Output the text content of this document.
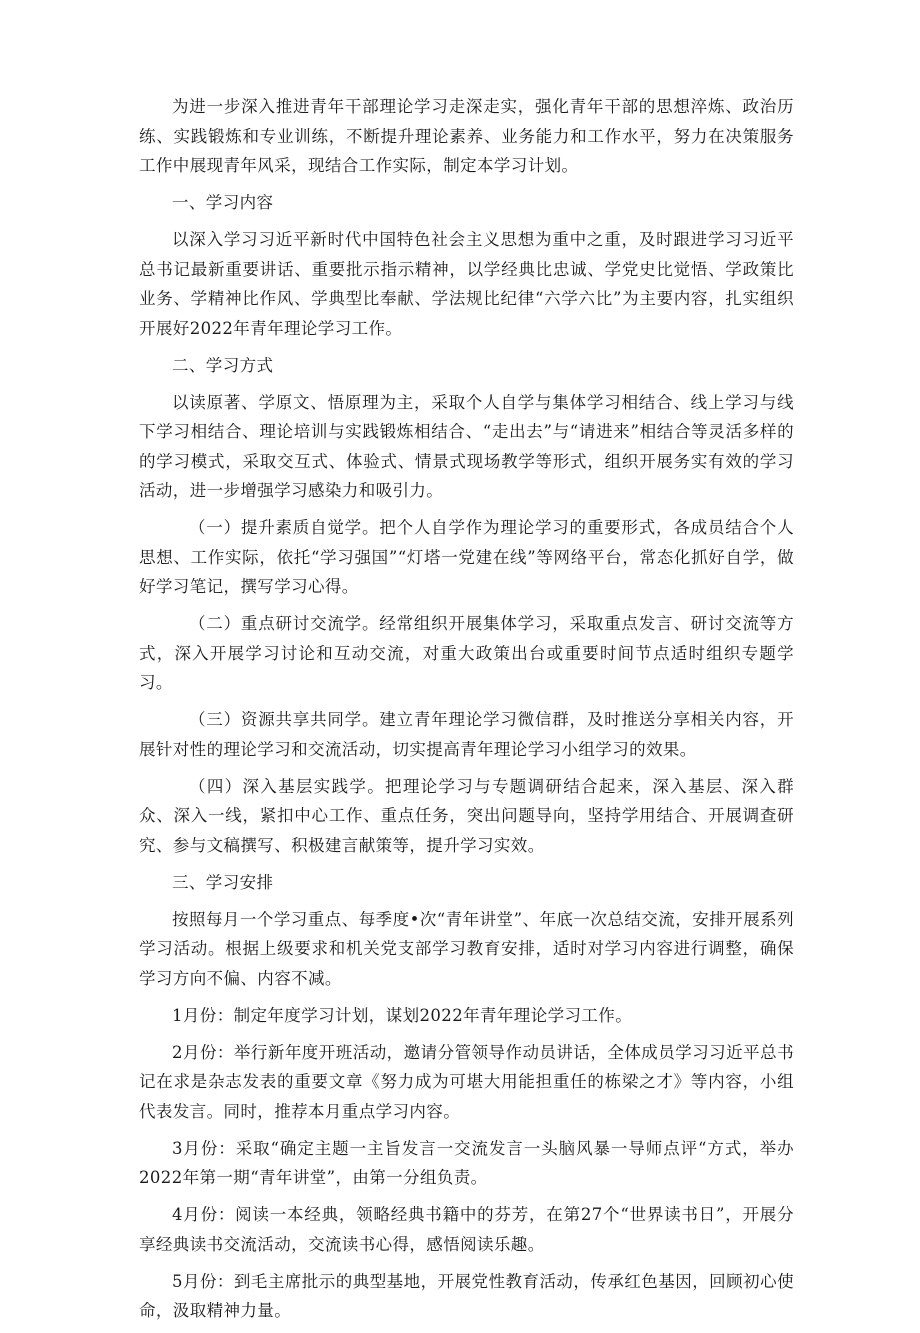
为进一步深入推进青年干部理论学习走深走实，强化青年干部的思想淬炼、政治历练、实践锻炼和专业训练，不断提升理论素养、业务能力和工作水平，努力在决策服务工作中展现青年风采，现结合工作实际，制定本学习计划。

一、学习内容

以深入学习习近平新时代中国特色社会主义思想为重中之重，及时跟进学习习近平总书记最新重要讲话、重要批示指示精神，以学经典比忠诚、学党史比觉悟、学政策比业务、学精神比作风、学典型比奉献、学法规比纪律“六学六比”为主要内容，扎实组织开展好2022年青年理论学习工作。

二、学习方式

以读原著、学原文、悟原理为主，采取个人自学与集体学习相结合、线上学习与线下学习相结合、理论培训与实践锻炼相结合、“走出去”与“请进来”相结合等灵活多样的的学习模式，采取交互式、体验式、情景式现场教学等形式，组织开展务实有效的学习活动，进一步增强学习感染力和吸引力。

（一）提升素质自觉学。把个人自学作为理论学习的重要形式，各成员结合个人思想、工作实际，依托“学习强国”“灯塔一党建在线”等网络平台，常态化抓好自学，做好学习笔记，撰写学习心得。

（二）重点研讨交流学。经常组织开展集体学习，采取重点发言、研讨交流等方式，深入开展学习讨论和互动交流，对重大政策出台或重要时间节点适时组织专题学习。

（三）资源共享共同学。建立青年理论学习微信群，及时推送分享相关内容，开展针对性的理论学习和交流活动，切实提高青年理论学习小组学习的效果。

（四）深入基层实践学。把理论学习与专题调研结合起来，深入基层、深入群众、深入一线，紧扣中心工作、重点任务，突出问题导向，坚持学用结合、开展调查研究、参与文稿撰写、积极建言献策等，提升学习实效。

三、学习安排

按照每月一个学习重点、每季度•次“青年讲堂”、年底一次总结交流，安排开展系列学习活动。根据上级要求和机关党支部学习教育安排，适时对学习内容进行调整，确保学习方向不偏、内容不减。

1月份：制定年度学习计划，谋划2022年青年理论学习工作。

2月份：举行新年度开班活动，邀请分管领导作动员讲话，全体成员学习习近平总书记在求是杂志发表的重要文章《努力成为可堪大用能担重任的栋梁之才》等内容，小组代表发言。同时，推荐本月重点学习内容。

3月份：采取“确定主题一主旨发言一交流发言一头脑风暴一导师点评“方式，举办2022年第一期“青年讲堂”，由第一分组负责。

4月份：阅读一本经典，领略经典书籍中的芬芳，在第27个“世界读书日”，开展分享经典读书交流活动，交流读书心得，感悟阅读乐趣。

5月份：到毛主席批示的典型基地，开展党性教育活动，传承红色基因，回顾初心使命，汲取精神力量。
